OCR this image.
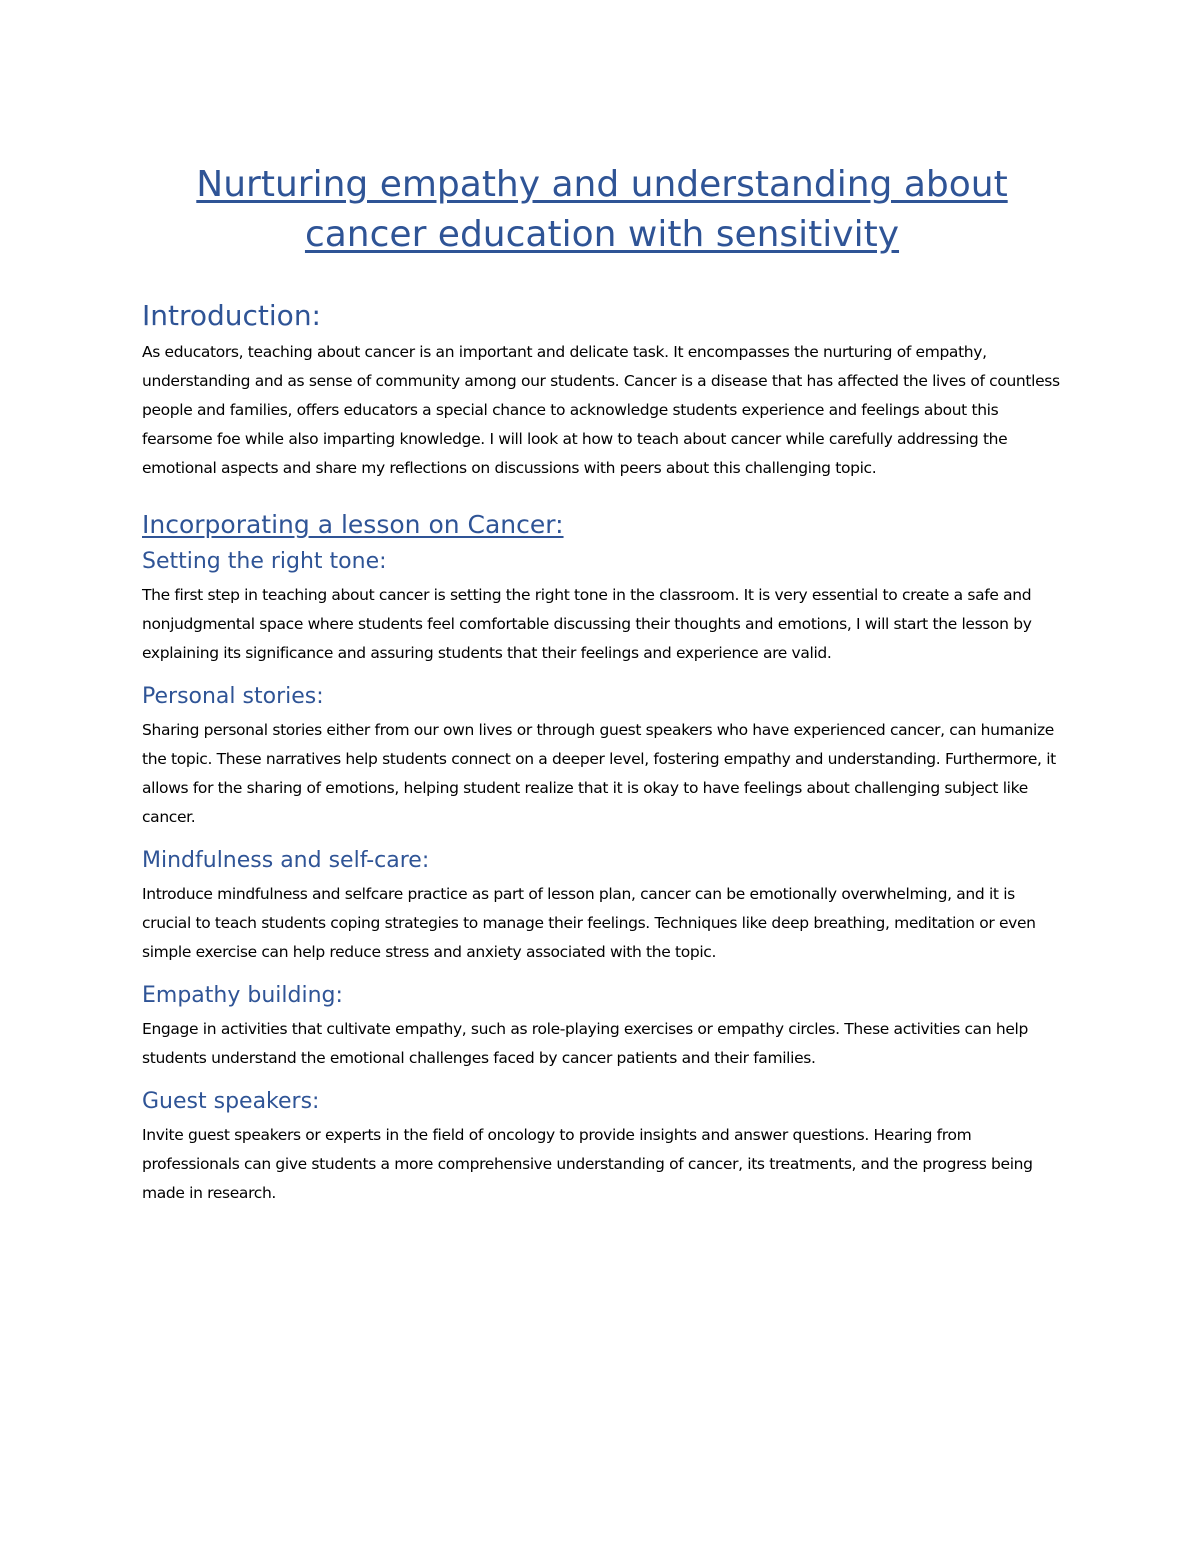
Nurturing empathy and understanding about
cancer education with sensitivity
Introduction:

As educators, teaching about cancer is an important and delicate task. It encompasses the nurturing of empathy, understanding and as sense of community among our students. Cancer is a disease that has affected the lives of countless people and families, offers educators a special chance to acknowledge students experience and feelings about this fearsome foe while also imparting knowledge. I will look at how to teach about cancer while carefully addressing the emotional aspects and share my reflections on discussions with peers about this challenging topic.

Incorporating a lesson on Cancer:
Setting the right tone:

The first step in teaching about cancer is setting the right tone in the classroom. It is very essential to create a safe and nonjudgmental space where students feel comfortable discussing their thoughts and emotions, I will start the lesson by explaining its significance and assuring students that their feelings and experience are valid.

Personal stories:

Sharing personal stories either from our own lives or through guest speakers who have experienced cancer, can humanize the topic. These narratives help students connect on a deeper level, fostering empathy and understanding. Furthermore, it allows for the sharing of emotions, helping student realize that it is okay to have feelings about challenging subject like cancer.

Mindfulness and self-care:

Introduce mindfulness and selfcare practice as part of lesson plan, cancer can be emotionally overwhelming, and it is crucial to teach students coping strategies to manage their feelings. Techniques like deep breathing, meditation or even simple exercise can help reduce stress and anxiety associated with the topic.

Empathy building:

Engage in activities that cultivate empathy, such as role-playing exercises or empathy circles. These activities can help students understand the emotional challenges faced by cancer patients and their families.

Guest speakers:

Invite guest speakers or experts in the field of oncology to provide insights and answer questions. Hearing from professionals can give students a more comprehensive understanding of cancer, its treatments, and the progress being made in research.
